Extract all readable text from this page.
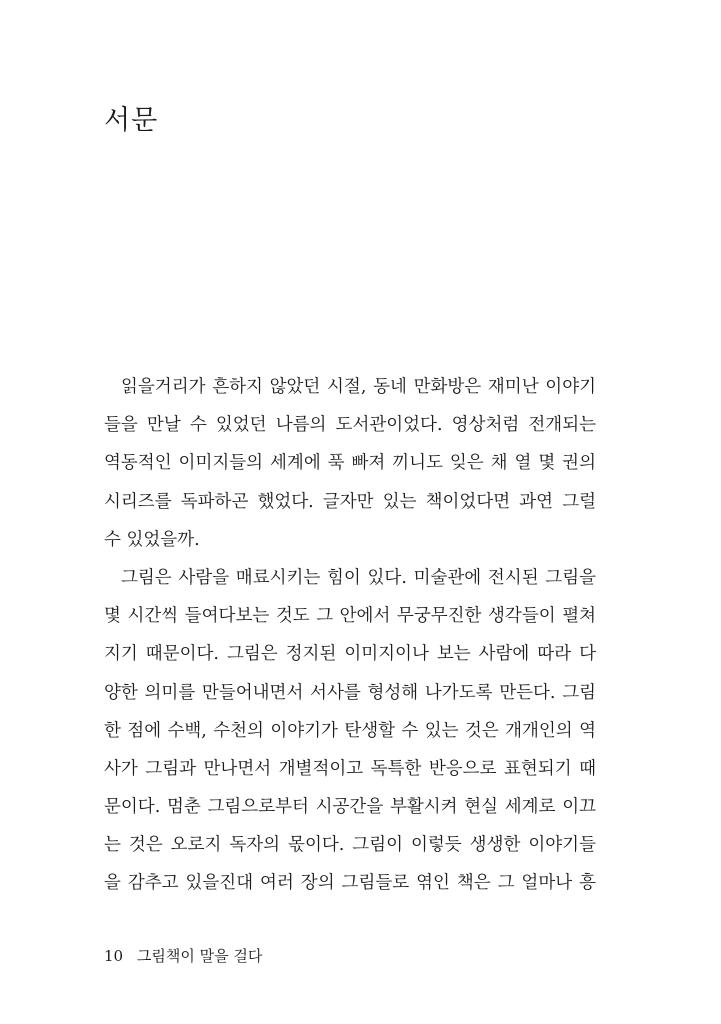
서문
읽을거리가 흔하지 않았던 시절, 동네 만화방은 재미난 이야기
들을 만날 수 있었던 나름의 도서관이었다. 영상처럼 전개되는
역동적인 이미지들의 세계에 푹 빠져 끼니도 잊은 채 열 몇 권의
시리즈를 독파하곤 했었다. 글자만 있는 책이었다면 과연 그럴
수 있었을까.
그림은 사람을 매료시키는 힘이 있다. 미술관에 전시된 그림을
몇 시간씩 들여다보는 것도 그 안에서 무궁무진한 생각들이 펼쳐
지기 때문이다. 그림은 정지된 이미지이나 보는 사람에 따라 다
양한 의미를 만들어내면서 서사를 형성해 나가도록 만든다. 그림
한 점에 수백, 수천의 이야기가 탄생할 수 있는 것은 개개인의 역
사가 그림과 만나면서 개별적이고 독특한 반응으로 표현되기 때
문이다. 멈춘 그림으로부터 시공간을 부활시켜 현실 세계로 이끄
는 것은 오로지 독자의 몫이다. 그림이 이렇듯 생생한 이야기들
을 감추고 있을진대 여러 장의 그림들로 엮인 책은 그 얼마나 흥
10 그림책이 말을 걸다
